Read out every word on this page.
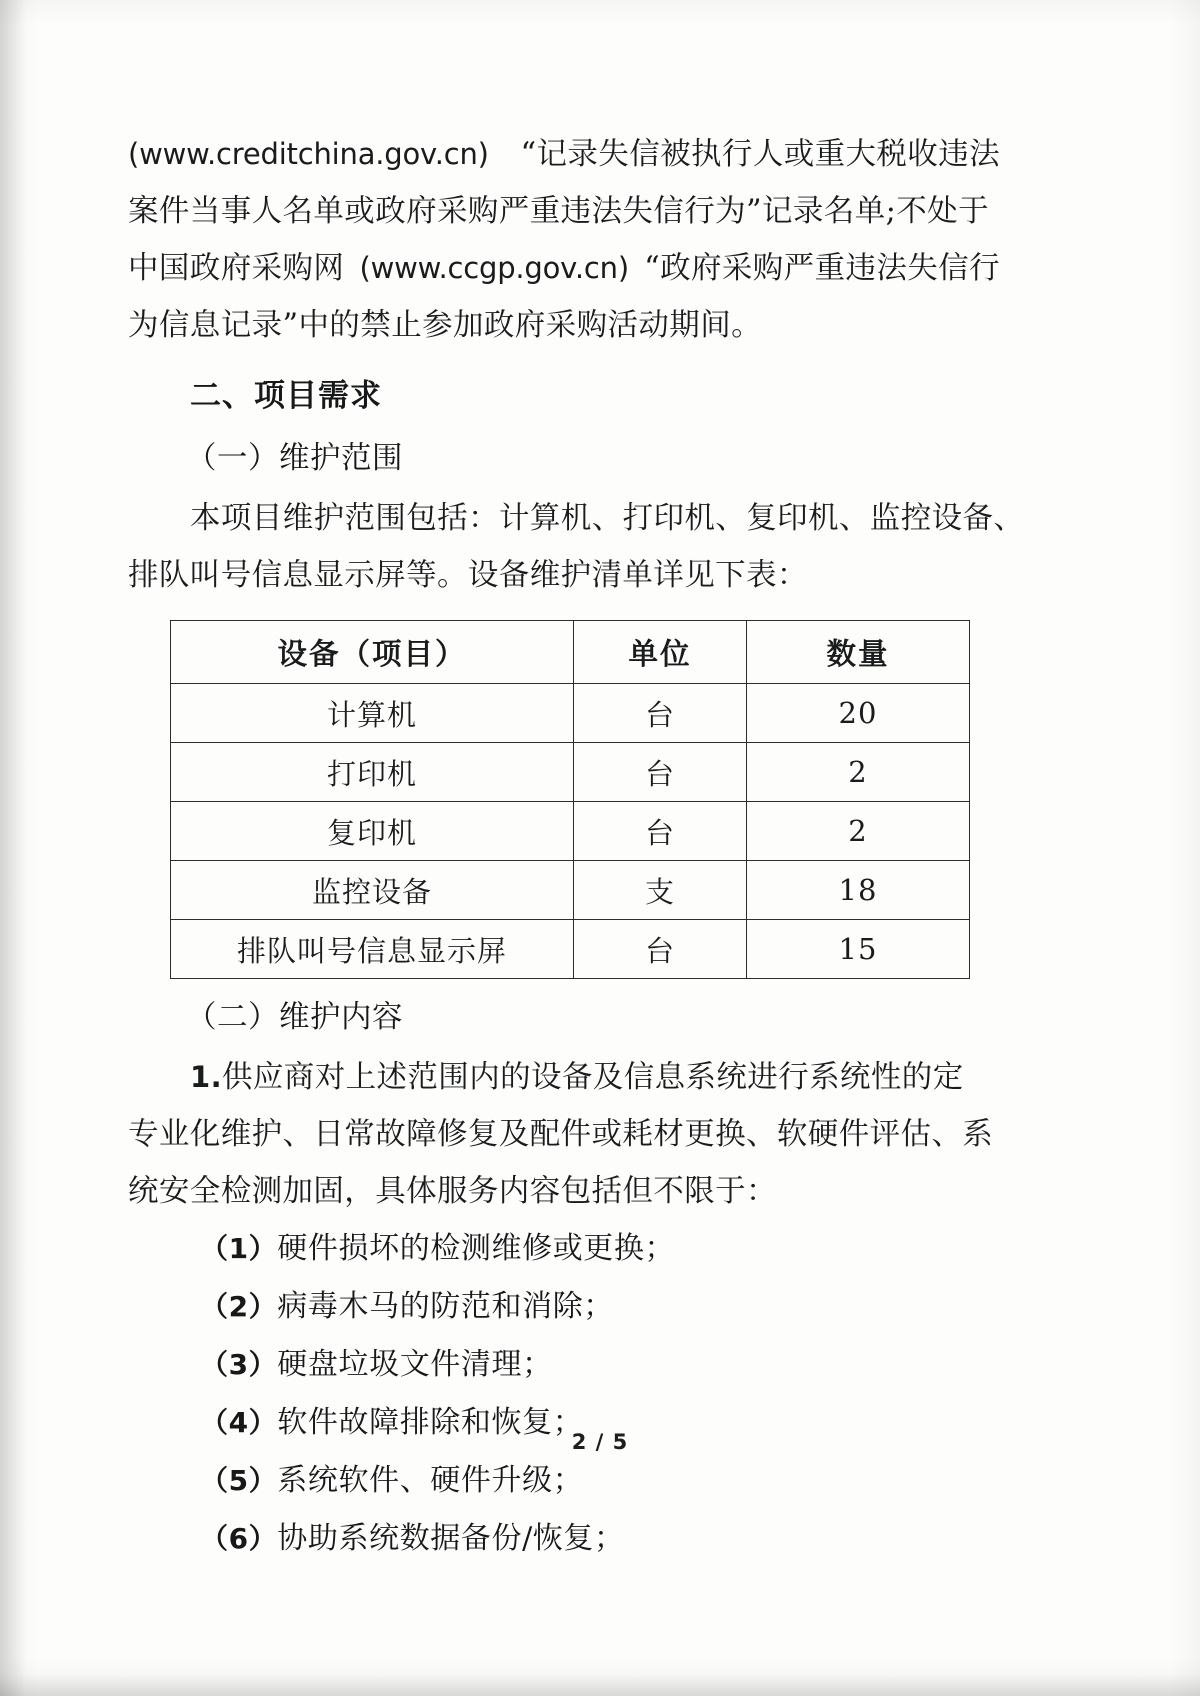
(www.creditchina.gov.cn) “记录失信被执行人或重大税收违法
案件当事人名单或政府采购严重违法失信行为”记录名单;不处于
中国政府采购网 (www.ccgp.gov.cn) “政府采购严重违法失信行
为信息记录”中的禁止参加政府采购活动期间。
二、项目需求
（一）维护范围
本项目维护范围包括：计算机、打印机、复印机、监控设备、
排队叫号信息显示屏等。设备维护清单详见下表：
设备（项目）	单位	数量
计算机	台	20
打印机	台	2
复印机	台	2
监控设备	支	18
排队叫号信息显示屏	台	15
（二）维护内容
1.供应商对上述范围内的设备及信息系统进行系统性的定
专业化维护、日常故障修复及配件或耗材更换、软硬件评估、系
统安全检测加固，具体服务内容包括但不限于：
（1）硬件损坏的检测维修或更换；
（2）病毒木马的防范和消除；
（3）硬盘垃圾文件清理；
（4）软件故障排除和恢复；
（5）系统软件、硬件升级；
（6）协助系统数据备份/恢复；
2 / 5
